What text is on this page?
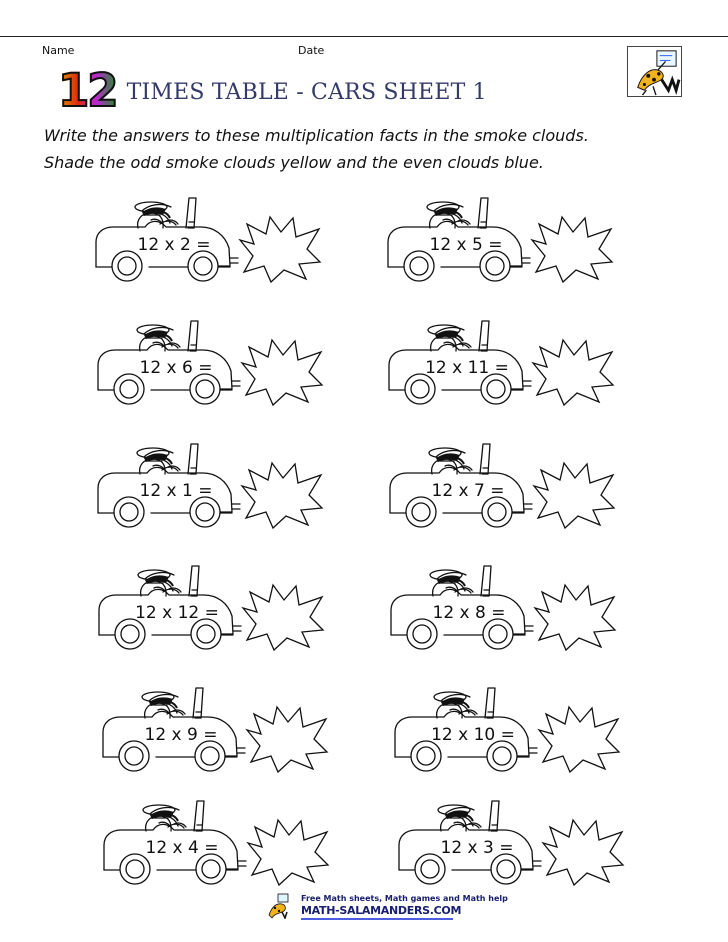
Name	Date
12 TIMES TABLE - CARS SHEET 1
Write the answers to these multiplication facts in the smoke clouds.
Shade the odd smoke clouds yellow and the even clouds blue.
12 x 2 =	12 x 5 =
12 x 6 =	12 x 11 =
12 x 1 =	12 x 7 =
12 x 12 =	12 x 8 =
12 x 9 =	12 x 10 =
12 x 4 =	12 x 3 =
Free Math sheets, Math games and Math help
MATH-SALAMANDERS.COM
